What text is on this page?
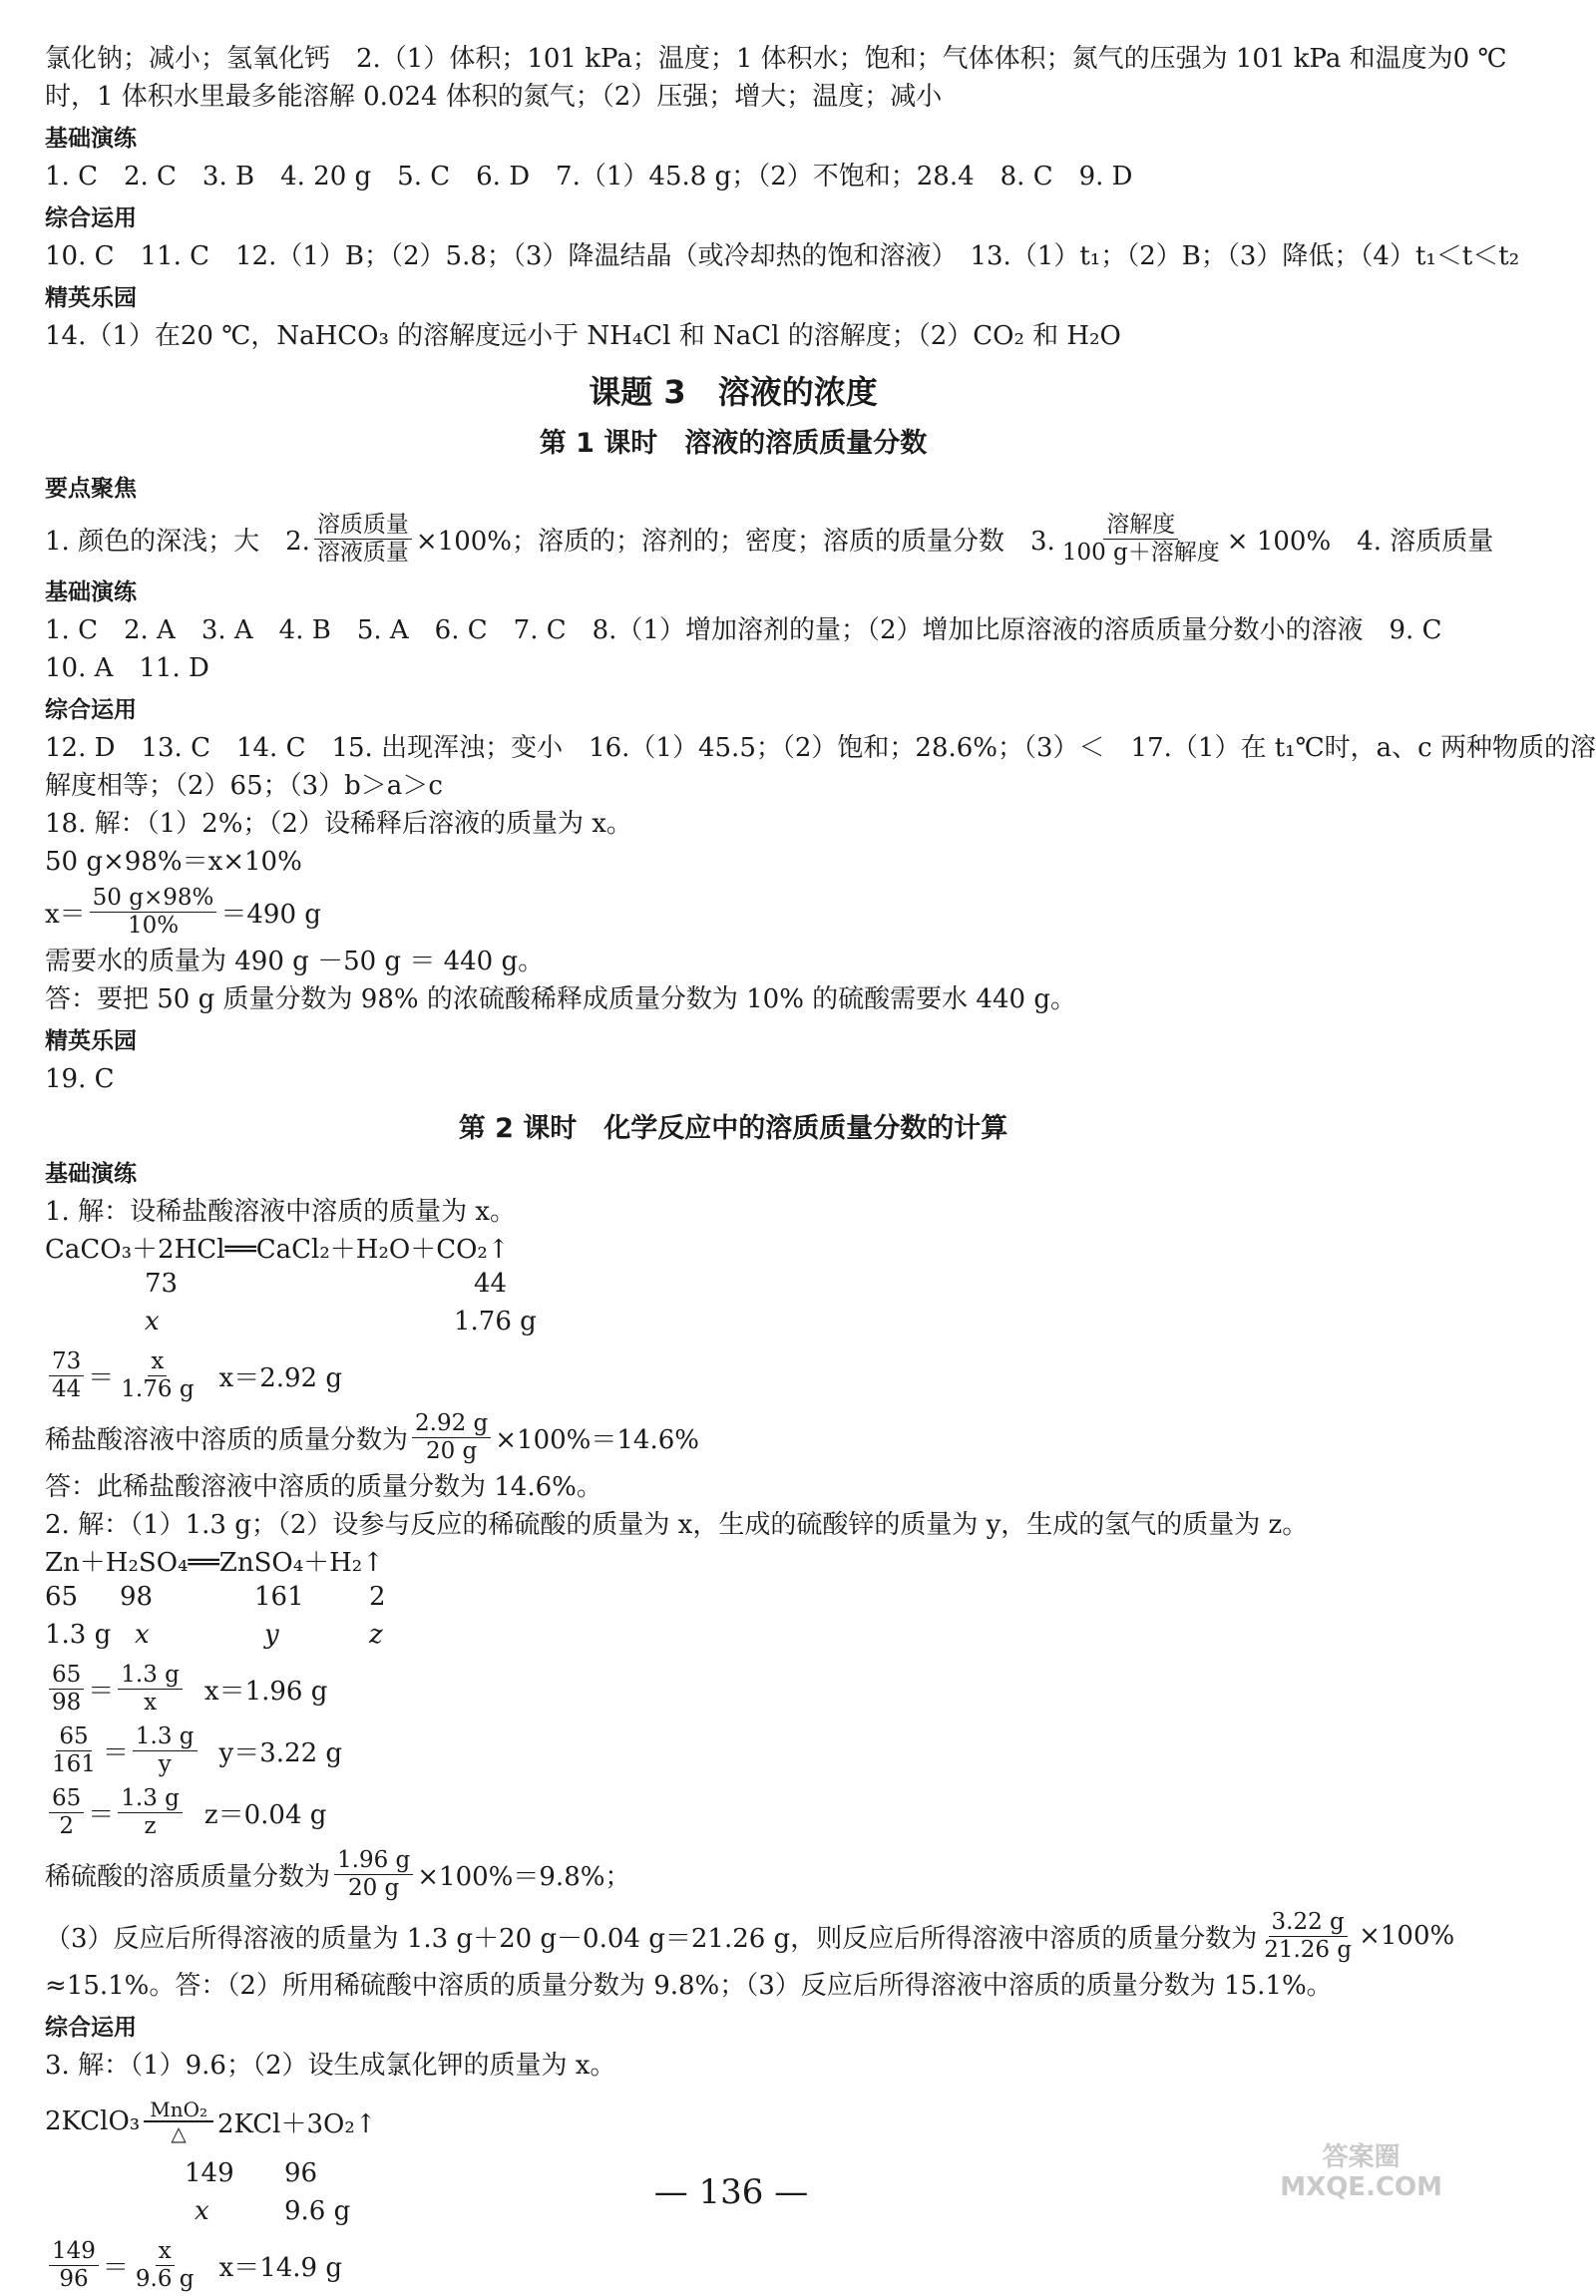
氯化钠；减小；氢氧化钙　2.（1）体积；101 kPa；温度；1 体积水；饱和；气体体积；氮气的压强为 101 kPa 和温度为0 ℃
时，1 体积水里最多能溶解 0.024 体积的氮气；（2）压强；增大；温度；减小
基础演练
1. C　2. C　3. B　4. 20 g　5. C　6. D　7.（1）45.8 g；（2）不饱和；28.4　8. C　9. D
综合运用
10. C　11. C　12.（1）B；（2）5.8；（3）降温结晶（或冷却热的饱和溶液）　13.（1）t₁；（2）B；（3）降低；（4）t₁＜t＜t₂
精英乐园
14.（1）在20 ℃，NaHCO₃ 的溶解度远小于 NH₄Cl 和 NaCl 的溶解度；（2）CO₂ 和 H₂O
课题 3　溶液的浓度
第 1 课时　溶液的溶质质量分数
要点聚焦
1. 颜色的深浅；大　2. $\frac{\text{溶质质量}}{\text{溶液质量}} \times 100\%$；溶质的；溶剂的；密度；溶质的质量分数　3. $\frac{\text{溶解度}}{\text{100 g＋溶解度}} \times 100\%$　4. 溶质质量
基础演练
1. C　2. A　3. A　4. B　5. A　6. C　7. C　8.（1）增加溶剂的量；（2）增加比原溶液的溶质质量分数小的溶液　9. C
10. A　11. D
综合运用
12. D　13. C　14. C　15. 出现浑浊；变小　16.（1）45.5；（2）饱和；28.6%；（3）＜　17.（1）在 t₁℃时，a、c 两种物质的溶
解度相等；（2）65；（3）b＞a＞c
18. 解：（1）2%；（2）设稀释后溶液的质量为 x。
50 g×98%＝x×10%
$x= \frac{50 g\times 98\%}{10\%} =490$ g
需要水的质量为 490 g －50 g ＝ 440 g。
答：要把 50 g 质量分数为 98% 的浓硫酸稀释成质量分数为 10% 的硫酸需要水 440 g。
精英乐园
19. C
第 2 课时　化学反应中的溶质质量分数的计算
基础演练
1. 解：设稀盐酸溶液中溶质的质量为 x。
CaCO₃＋2HCl══CaCl₂＋H₂O＋CO₂↑
73	44
x	1.76 g
$\frac{73}{44} = \frac{x}{1.76 g} x=2.92$ g
稀盐酸溶液中溶质的质量分数为 $\frac{2.92 g}{20 g} \times 100\%=14.6\%$
答：此稀盐酸溶液中溶质的质量分数为 14.6%。
2. 解：（1）1.3 g；（2）设参与反应的稀硫酸的质量为 x，生成的硫酸锌的质量为 y，生成的氢气的质量为 z。
Zn＋H₂SO₄══ZnSO₄＋H₂↑
65 98	161	2
1.3 g x	y	z
$\frac{65}{98} = \frac{1.3 g}{x} x=1.96$ g
$\frac{65}{161} = \frac{1.3 g}{y} y=3.22$ g
$\frac{65}{2} = \frac{1.3 g}{z} z=0.04$ g
稀硫酸的溶质质量分数为 $\frac{1.96 g}{20 g} \times 100\%=9.8\%$；
（3）反应后所得溶液的质量为 1.3 g＋20 g－0.04 g＝21.26 g，则反应后所得溶液中溶质的质量分数为 $\frac{3.22 g}{21.26 g} \times 100\%$
≈15.1%。答：（2）所用稀硫酸中溶质的质量分数为 9.8%；（3）反应后所得溶液中溶质的质量分数为 15.1%。
综合运用
3. 解：（1）9.6；（2）设生成氯化钾的质量为 x。
2KClO₃ MnO₂
△ 2KCl＋3O₂↑
149 96
x	9.6 g
$\frac{149}{96} = \frac{x}{9.6 g} x=14.9$ g
— 136 —
答案圈
MXQE.COM
